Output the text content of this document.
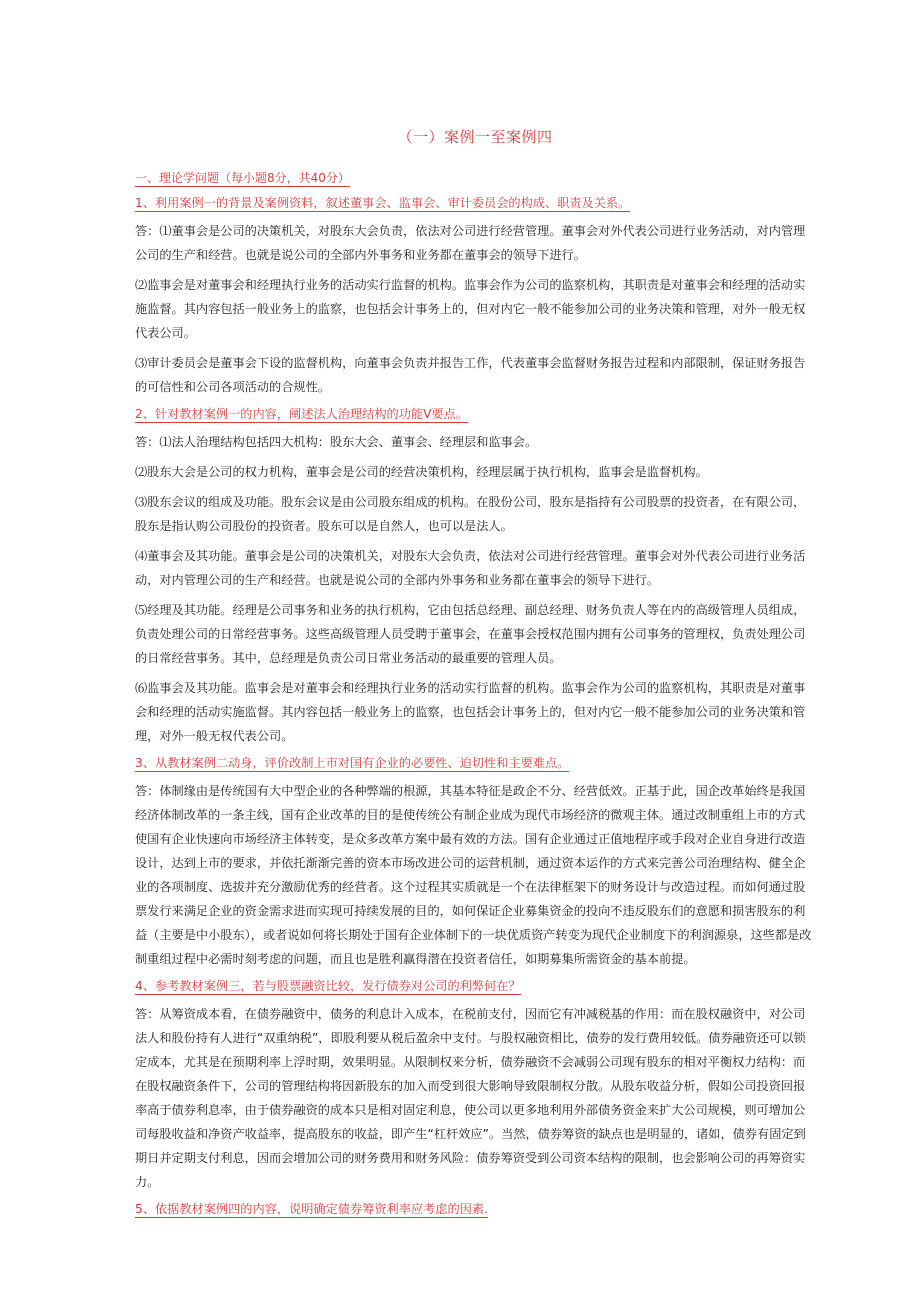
（一）案例一至案例四
一、理论学问题（每小题8分，共40分）
1、利用案例一的背景及案例资料，叙述董事会、监事会、审计委员会的构成、职责及关系。

答：⑴董事会是公司的决策机关，对股东大会负责，依法对公司进行经营管理。董事会对外代表公司进行业务活动，对内管理公司的生产和经营。也就是说公司的全部内外事务和业务都在董事会的领导下进行。

⑵监事会是对董事会和经理执行业务的活动实行监督的机构。监事会作为公司的监察机构，其职责是对董事会和经理的活动实施监督。其内容包括一般业务上的监察，也包括会计事务上的，但对内它一般不能参加公司的业务决策和管理，对外一般无权代表公司。

⑶审计委员会是董事会下设的监督机构，向董事会负责并报告工作，代表董事会监督财务报告过程和内部限制，保证财务报告的可信性和公司各项活动的合规性。

2、针对教材案例一的内容，阐述法人治理结构的功能V要点。

答：⑴法人治理结构包括四大机构：股东大会、董事会、经理层和监事会。

⑵股东大会是公司的权力机构，董事会是公司的经营决策机构，经理层属于执行机构，监事会是监督机构。

⑶股东会议的组成及功能。股东会议是由公司股东组成的机构。在股份公司，股东是指持有公司股票的投资者，在有限公司，股东是指认购公司股份的投资者。股东可以是自然人，也可以是法人。

⑷董事会及其功能。董事会是公司的决策机关，对股东大会负责，依法对公司进行经营管理。董事会对外代表公司进行业务活动，对内管理公司的生产和经营。也就是说公司的全部内外事务和业务都在董事会的领导下进行。

⑸经理及其功能。经理是公司事务和业务的执行机构，它由包括总经理、副总经理、财务负责人等在内的高级管理人员组成，负责处理公司的日常经营事务。这些高级管理人员受聘于董事会，在董事会授权范围内拥有公司事务的管理权，负责处理公司的日常经营事务。其中，总经理是负责公司日常业务活动的最重要的管理人员。

⑹监事会及其功能。监事会是对董事会和经理执行业务的活动实行监督的机构。监事会作为公司的监察机构，其职责是对董事会和经理的活动实施监督。其内容包括一般业务上的监察，也包括会计事务上的，但对内它一般不能参加公司的业务决策和管理，对外一般无权代表公司。

3、从教材案例二动身，评价改制上市对国有企业的必要性、迫切性和主要难点。

答：体制缘由是传统国有大中型企业的各种弊端的根源，其基本特征是政企不分、经营低效。正基于此，国企改革始终是我国经济体制改革的一条主线，国有企业改革的目的是使传统公有制企业成为现代市场经济的微观主体。通过改制重组上市的方式使国有企业快速向市场经济主体转变，是众多改革方案中最有效的方法。国有企业通过正值地程序或手段对企业自身进行改造设计，达到上市的要求，并依托渐渐完善的资本市场改进公司的运营机制，通过资本运作的方式来完善公司治理结构、健全企业的各项制度、选拔并充分激励优秀的经营者。这个过程其实质就是一个在法律框架下的财务设计与改造过程。而如何通过股票发行来满足企业的资金需求进而实现可持续发展的目的，如何保证企业募集资金的投向不违反股东们的意愿和损害股东的利益（主要是中小股东），或者说如何将长期处于国有企业体制下的一块优质资产转变为现代企业制度下的利润源泉，这些都是改制重组过程中必需时刻考虑的问题，而且也是胜利赢得潜在投资者信任，如期募集所需资金的基本前提。

4、参考教材案例三，若与股票融资比较，发行债券对公司的利弊何在？

答：从筹资成本看，在债券融资中，债务的利息计入成本，在税前支付，因而它有冲减税基的作用：而在股权融资中，对公司法人和股份持有人进行“双重纳税”，即股利要从税后盈余中支付。与股权融资相比，债券的发行费用较低。债券融资还可以锁定成本，尤其是在预期利率上浮时期，效果明显。从限制权来分析，债券融资不会减弱公司现有股东的相对平衡权力结构：而在股权融资条件下，公司的管理结构将因新股东的加入而受到很大影响导致限制权分散。从股东收益分析，假如公司投资回报率高于债券利息率，由于债券融资的成本只是相对固定利息，使公司以更多地利用外部债务资金来扩大公司规模，则可增加公司每股收益和净资产收益率，提高股东的收益，即产生“杠杆效应”。当然，债券筹资的缺点也是明显的，诸如，债券有固定到期日并定期支付利息，因而会增加公司的财务费用和财务风险：债券筹资受到公司资本结构的限制，也会影响公司的再筹资实力。

5、依据教材案例四的内容，说明确定债券筹资利率应考虑的因素.
